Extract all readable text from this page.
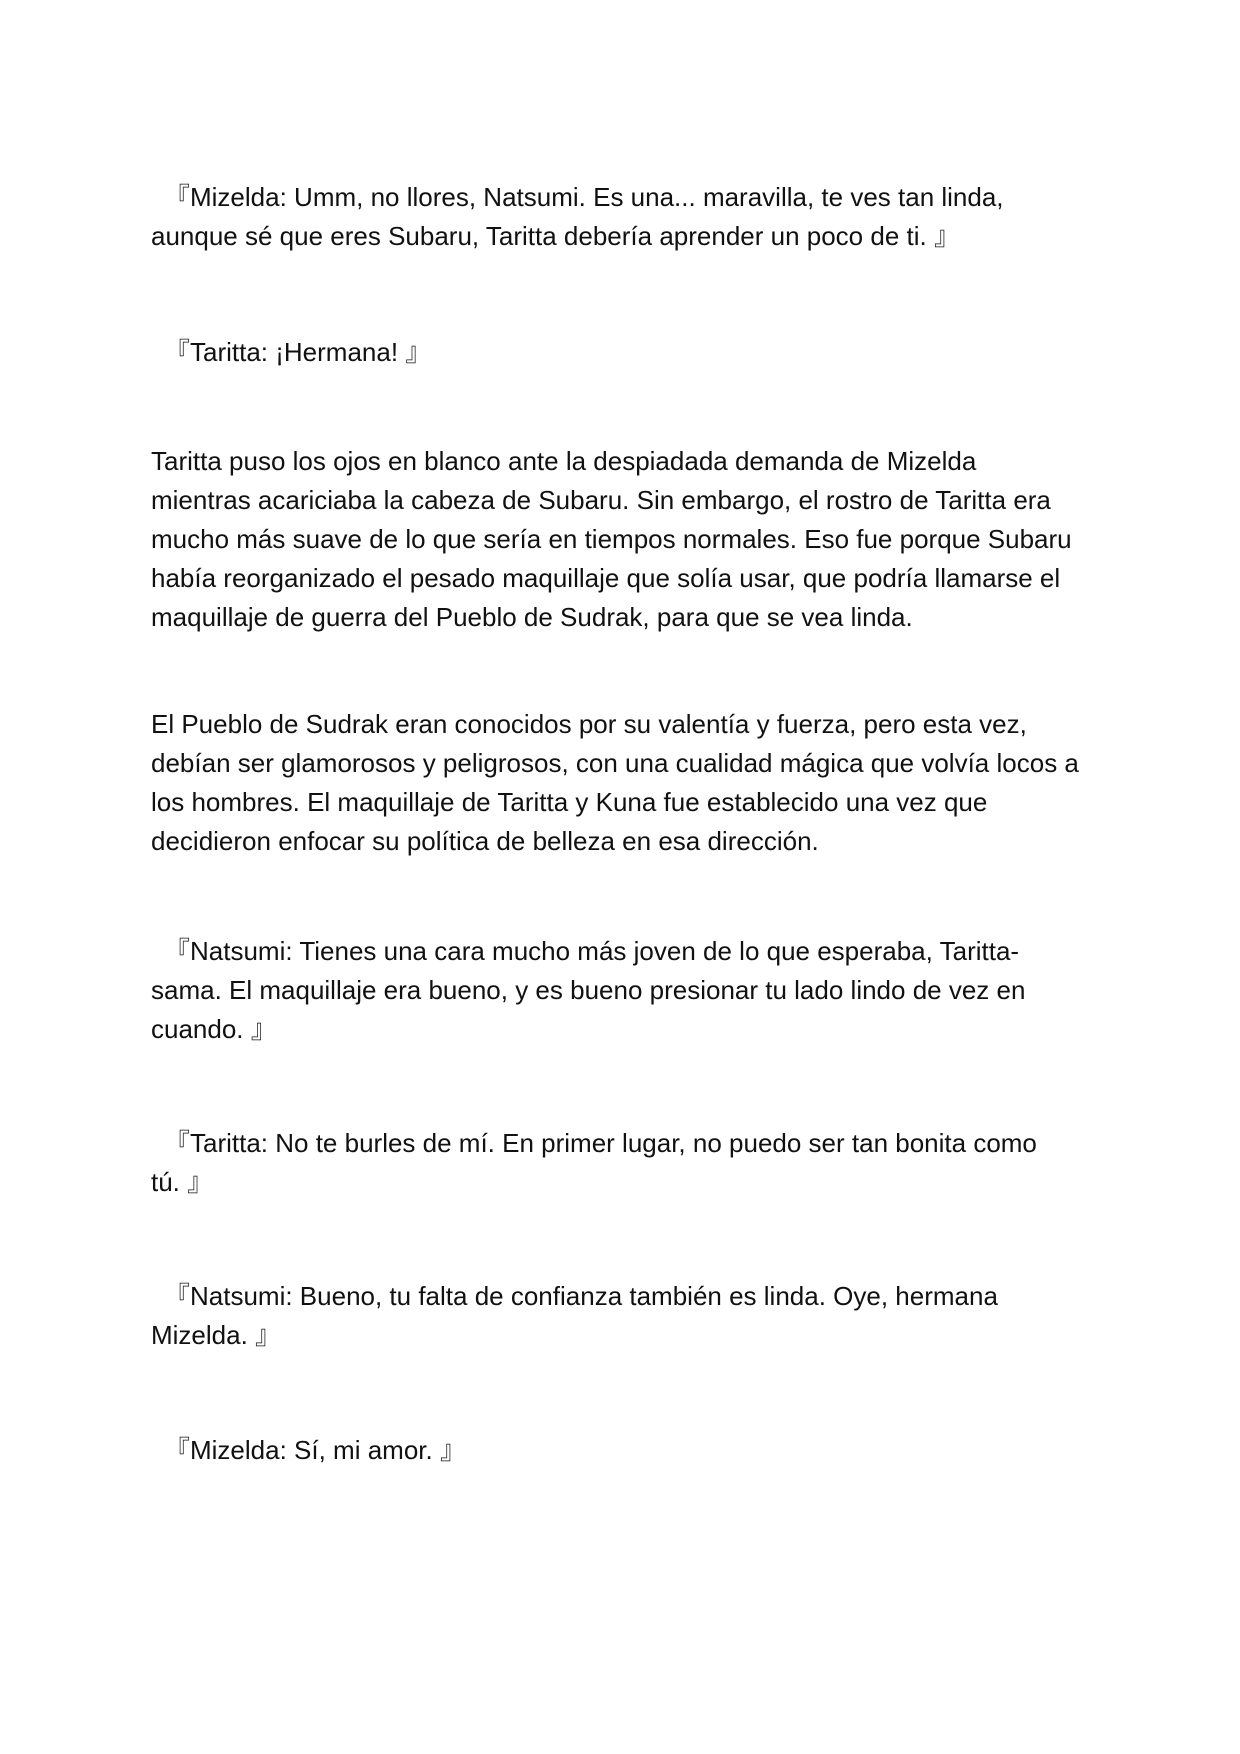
　『Mizelda: Umm, no llores, Natsumi. Es una... maravilla, te ves tan linda,
aunque sé que eres Subaru, Taritta debería aprender un poco de ti. 』

　『Taritta: ¡Hermana! 』

Taritta puso los ojos en blanco ante la despiadada demanda de Mizelda
mientras acariciaba la cabeza de Subaru. Sin embargo, el rostro de Taritta era
mucho más suave de lo que sería en tiempos normales. Eso fue porque Subaru
había reorganizado el pesado maquillaje que solía usar, que podría llamarse el
maquillaje de guerra del Pueblo de Sudrak, para que se vea linda.

El Pueblo de Sudrak eran conocidos por su valentía y fuerza, pero esta vez,
debían ser glamorosos y peligrosos, con una cualidad mágica que volvía locos a
los hombres. El maquillaje de Taritta y Kuna fue establecido una vez que
decidieron enfocar su política de belleza en esa dirección.

　『Natsumi: Tienes una cara mucho más joven de lo que esperaba, Taritta-
sama. El maquillaje era bueno, y es bueno presionar tu lado lindo de vez en
cuando. 』

　『Taritta: No te burles de mí. En primer lugar, no puedo ser tan bonita como
tú. 』

　『Natsumi: Bueno, tu falta de confianza también es linda. Oye, hermana
Mizelda. 』

　『Mizelda: Sí, mi amor. 』
